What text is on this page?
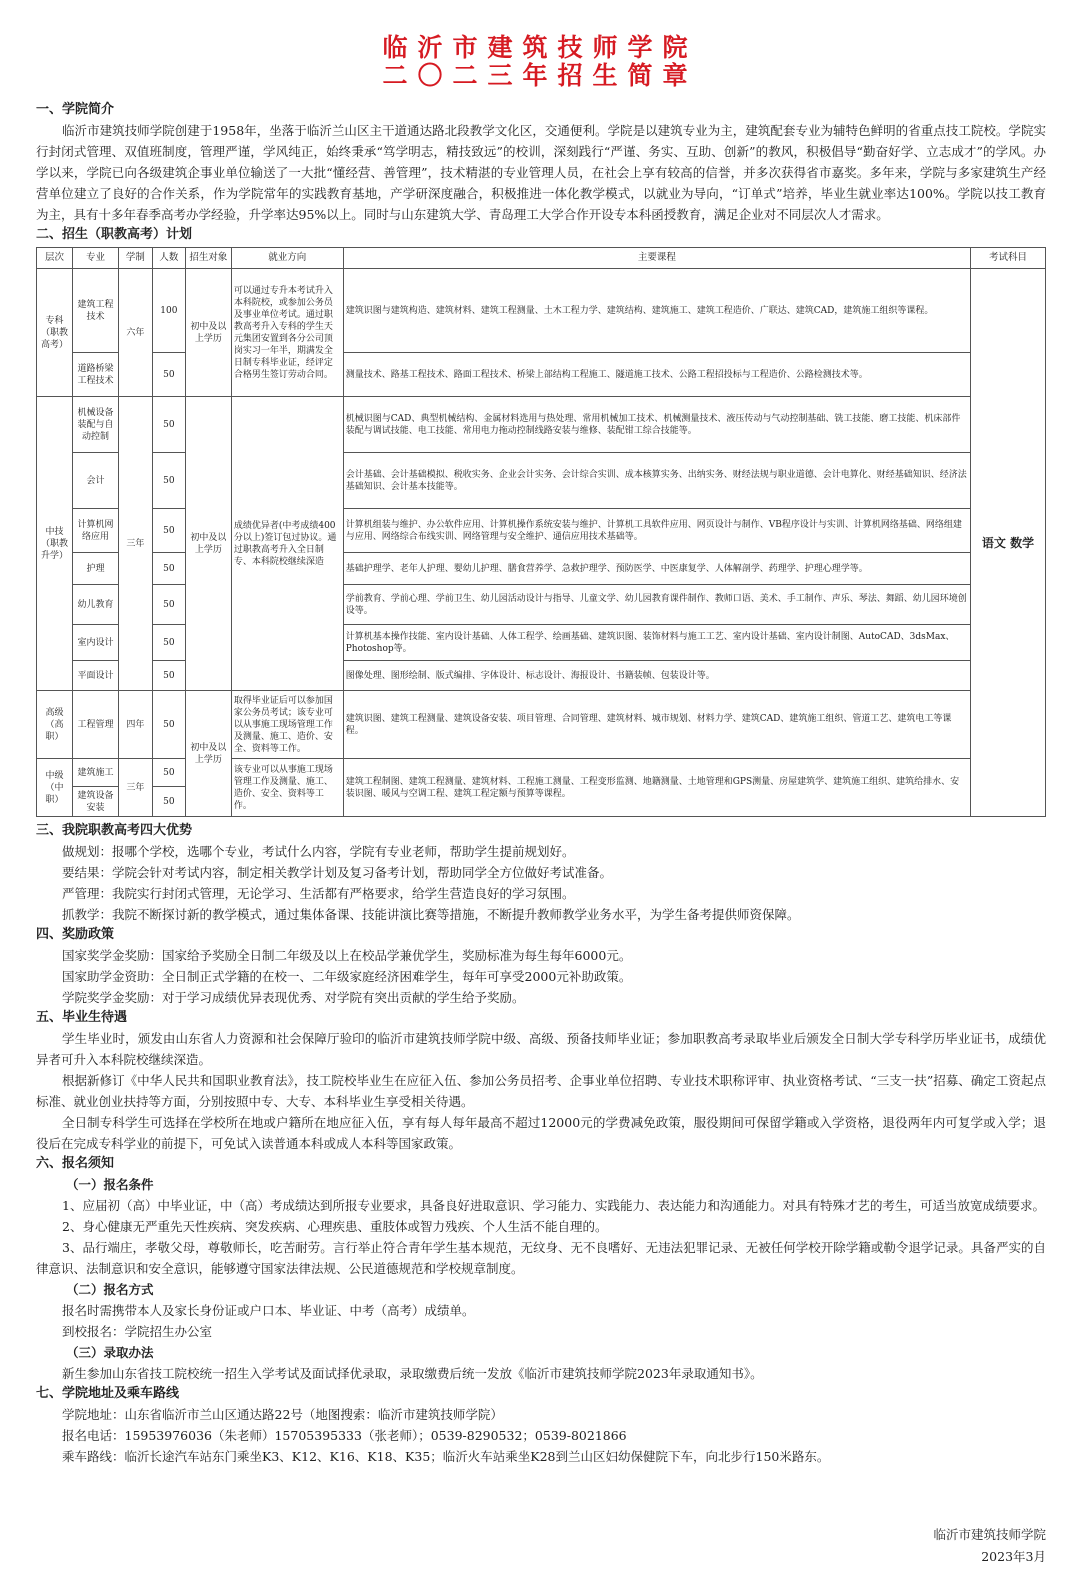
临沂市建筑技师学院
二〇二三年招生简章
一、学院简介
临沂市建筑技师学院创建于1958年，坐落于临沂兰山区主干道通达路北段教学文化区，交通便利。学院是以建筑专业为主，建筑配套专业为辅特色鲜明的省重点技工院校。学院实行封闭式管理、双值班制度，管理严谨，学风纯正，始终秉承“笃学明志，精技致远”的校训，深刻践行“严谨、务实、互助、创新”的教风，积极倡导“勤奋好学、立志成才”的学风。办学以来，学院已向各级建筑企事业单位输送了一大批“懂经营、善管理”，技术精湛的专业管理人员，在社会上享有较高的信誉，并多次获得省市嘉奖。多年来，学院与多家建筑生产经营单位建立了良好的合作关系，作为学院常年的实践教育基地，产学研深度融合，积极推进一体化教学模式，以就业为导向，“订单式”培养，毕业生就业率达100%。学院以技工教育为主，具有十多年春季高考办学经验，升学率达95%以上。同时与山东建筑大学、青岛理工大学合作开设专本科函授教育，满足企业对不同层次人才需求。
二、招生（职教高考）计划
层次	专业	学制	人数	招生对象	就业方向	主要课程	考试科目
专科（职教高考）	建筑工程技术	六年	100	初中及以上学历	可以通过专升本考试升入本科院校，或参加公务员及事业单位考试。通过职教高考升入专科的学生天元集团安置到各分公司顶岗实习一年半，期满发全日制专科毕业证，经评定合格男生签订劳动合同。	建筑识图与建筑构造、建筑材料、建筑工程测量、土木工程力学、建筑结构、建筑施工、建筑工程造价、广联达、建筑CAD，建筑施工组织等课程。	语文 数学
	道路桥梁工程技术		50			测量技术、路基工程技术、路面工程技术、桥梁上部结构工程施工、隧道施工技术、公路工程招投标与工程造价、公路检测技术等。	
中技（职教升学）	机械设备装配与自动控制	三年	50	初中及以上学历	成绩优异者(中考成绩400分以上)签订包过协议。通过职教高考升入全日制专、本科院校继续深造	机械识图与CAD、典型机械结构、金属材料选用与热处理、常用机械加工技术、机械测量技术、液压传动与气动控制基础、铣工技能、磨工技能、机床部件装配与调试技能、电工技能、常用电力拖动控制线路安装与维修、装配钳工综合技能等。	
	会计		50			会计基础、会计基础模拟、税收实务、企业会计实务、会计综合实训、成本核算实务、出纳实务、财经法规与职业道德、会计电算化、财经基础知识、经济法基础知识、会计基本技能等。	
	计算机网络应用		50			计算机组装与维护、办公软件应用、计算机操作系统安装与维护、计算机工具软件应用、网页设计与制作、VB程序设计与实训、计算机网络基础、网络组建与应用、网络综合布线实训、网络管理与安全维护、通信应用技术基础等。	
	护理		50			基础护理学、老年人护理、婴幼儿护理、膳食营养学、急救护理学、预防医学、中医康复学、人体解剖学、药理学、护理心理学等。	
	幼儿教育		50			学前教育、学前心理、学前卫生、幼儿园活动设计与指导、儿童文学、幼儿园教育课件制作、教师口语、美术、手工制作、声乐、琴法、舞蹈、幼儿园环境创设等。	
	室内设计		50			计算机基本操作技能、室内设计基础、人体工程学、绘画基础、建筑识图、装饰材料与施工工艺、室内设计基础、室内设计制图、AutoCAD、3dsMax、Photoshop等。	
	平面设计		50			图像处理、图形绘制、版式编排、字体设计、标志设计、海报设计、书籍装帧、包装设计等。	
高级（高职）	工程管理	四年	50	初中及以上学历	取得毕业证后可以参加国家公务员考试；该专业可以从事施工现场管理工作及测量、施工、造价、安全、资料等工作。	建筑识图、建筑工程测量、建筑设备安装、项目管理、合同管理、建筑材料、城市规划、材料力学、建筑CAD、建筑施工组织、管道工艺、建筑电工等课程。	
中级（中职）	建筑施工	三年	50		该专业可以从事施工现场管理工作及测量、施工、造价、安全、资料等工作。	建筑工程制图、建筑工程测量、建筑材料、工程施工测量、工程变形监测、地籍测量、土地管理和GPS测量、房屋建筑学、建筑施工组织、建筑给排水、安装识图、暖风与空调工程、建筑工程定额与预算等课程。	
	建筑设备安装		50				
三、我院职教高考四大优势
做规划：报哪个学校，选哪个专业，考试什么内容，学院有专业老师，帮助学生提前规划好。
要结果：学院会针对考试内容，制定相关教学计划及复习备考计划，帮助同学全方位做好考试准备。
严管理：我院实行封闭式管理，无论学习、生活都有严格要求，给学生营造良好的学习氛围。
抓教学：我院不断探讨新的教学模式，通过集体备课、技能讲演比赛等措施，不断提升教师教学业务水平，为学生备考提供师资保障。
四、奖励政策
国家奖学金奖励：国家给予奖励全日制二年级及以上在校品学兼优学生，奖励标准为每生每年6000元。
国家助学金资助：全日制正式学籍的在校一、二年级家庭经济困难学生，每年可享受2000元补助政策。
学院奖学金奖励：对于学习成绩优异表现优秀、对学院有突出贡献的学生给予奖励。
五、毕业生待遇
学生毕业时，颁发由山东省人力资源和社会保障厅验印的临沂市建筑技师学院中级、高级、预备技师毕业证；参加职教高考录取毕业后颁发全日制大学专科学历毕业证书，成绩优异者可升入本科院校继续深造。
根据新修订《中华人民共和国职业教育法》，技工院校毕业生在应征入伍、参加公务员招考、企事业单位招聘、专业技术职称评审、执业资格考试、“三支一扶”招募、确定工资起点标准、就业创业扶持等方面，分别按照中专、大专、本科毕业生享受相关待遇。
全日制专科学生可选择在学校所在地或户籍所在地应征入伍，享有每人每年最高不超过12000元的学费减免政策，服役期间可保留学籍或入学资格，退役两年内可复学或入学；退役后在完成专科学业的前提下，可免试入读普通本科或成人本科等国家政策。
六、报名须知
（一）报名条件
1、应届初（高）中毕业证，中（高）考成绩达到所报专业要求，具备良好进取意识、学习能力、实践能力、表达能力和沟通能力。对具有特殊才艺的考生，可适当放宽成绩要求。
2、身心健康无严重先天性疾病、突发疾病、心理疾患、重肢体或智力残疾、个人生活不能自理的。
3、品行端庄，孝敬父母，尊敬师长，吃苦耐劳。言行举止符合青年学生基本规范，无纹身、无不良嗜好、无违法犯罪记录、无被任何学校开除学籍或勒令退学记录。具备严实的自律意识、法制意识和安全意识，能够遵守国家法律法规、公民道德规范和学校规章制度。
（二）报名方式
报名时需携带本人及家长身份证或户口本、毕业证、中考（高考）成绩单。
到校报名：学院招生办公室
（三）录取办法
新生参加山东省技工院校统一招生入学考试及面试择优录取，录取缴费后统一发放《临沂市建筑技师学院2023年录取通知书》。
七、学院地址及乘车路线
学院地址：山东省临沂市兰山区通达路22号（地图搜索：临沂市建筑技师学院）
报名电话：15953976036（朱老师）15705395333（张老师）；0539-8290532；0539-8021866
乘车路线：临沂长途汽车站东门乘坐K3、K12、K16、K18、K35；临沂火车站乘坐K28到兰山区妇幼保健院下车，向北步行150米路东。
临沂市建筑技师学院
2023年3月
